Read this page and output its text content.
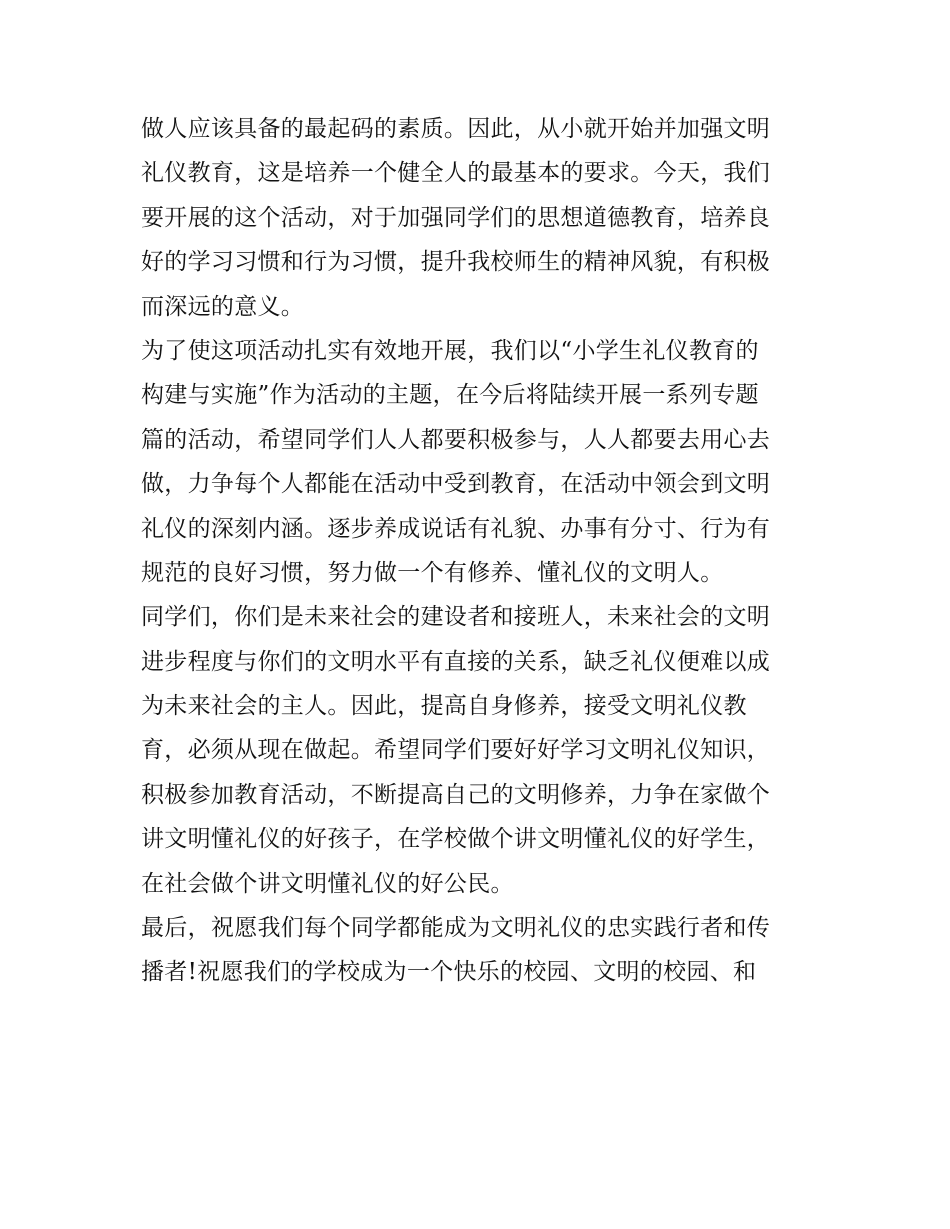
做人应该具备的最起码的素质。因此，从小就开始并加强文明
礼仪教育，这是培养一个健全人的最基本的要求。今天，我们
要开展的这个活动，对于加强同学们的思想道德教育，培养良
好的学习习惯和行为习惯，提升我校师生的精神风貌，有积极
而深远的意义。
为了使这项活动扎实有效地开展，我们以“小学生礼仪教育的
构建与实施”作为活动的主题，在今后将陆续开展一系列专题
篇的活动，希望同学们人人都要积极参与，人人都要去用心去
做，力争每个人都能在活动中受到教育，在活动中领会到文明
礼仪的深刻内涵。逐步养成说话有礼貌、办事有分寸、行为有
规范的良好习惯，努力做一个有修养、懂礼仪的文明人。
同学们，你们是未来社会的建设者和接班人，未来社会的文明
进步程度与你们的文明水平有直接的关系，缺乏礼仪便难以成
为未来社会的主人。因此，提高自身修养，接受文明礼仪教
育，必须从现在做起。希望同学们要好好学习文明礼仪知识，
积极参加教育活动，不断提高自己的文明修养，力争在家做个
讲文明懂礼仪的好孩子，在学校做个讲文明懂礼仪的好学生，
在社会做个讲文明懂礼仪的好公民。
最后，祝愿我们每个同学都能成为文明礼仪的忠实践行者和传
播者!祝愿我们的学校成为一个快乐的校园、文明的校园、和
